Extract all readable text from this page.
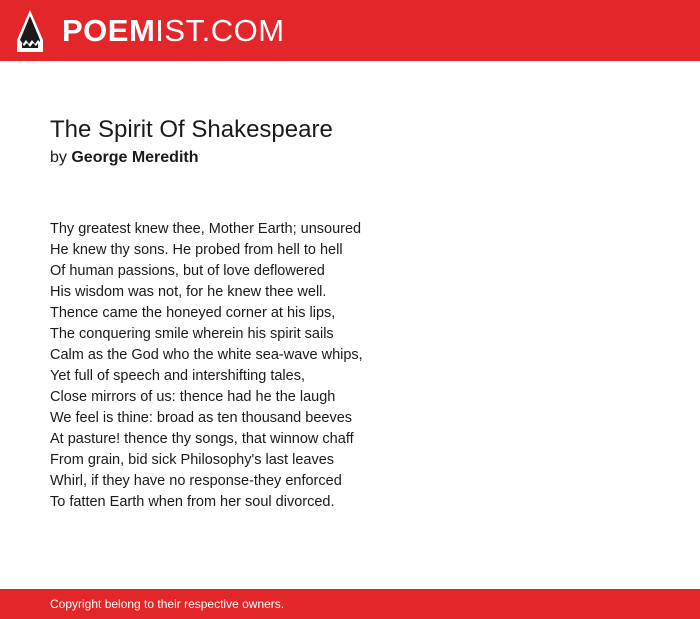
POEMIST.COM
The Spirit Of Shakespeare
by George Meredith
Thy greatest knew thee, Mother Earth; unsoured
He knew thy sons. He probed from hell to hell
Of human passions, but of love deflowered
His wisdom was not, for he knew thee well.
Thence came the honeyed corner at his lips,
The conquering smile wherein his spirit sails
Calm as the God who the white sea-wave whips,
Yet full of speech and intershifting tales,
Close mirrors of us: thence had he the laugh
We feel is thine: broad as ten thousand beeves
At pasture! thence thy songs, that winnow chaff
From grain, bid sick Philosophy's last leaves
Whirl, if they have no response-they enforced
To fatten Earth when from her soul divorced.
Copyright belong to their respective owners.
